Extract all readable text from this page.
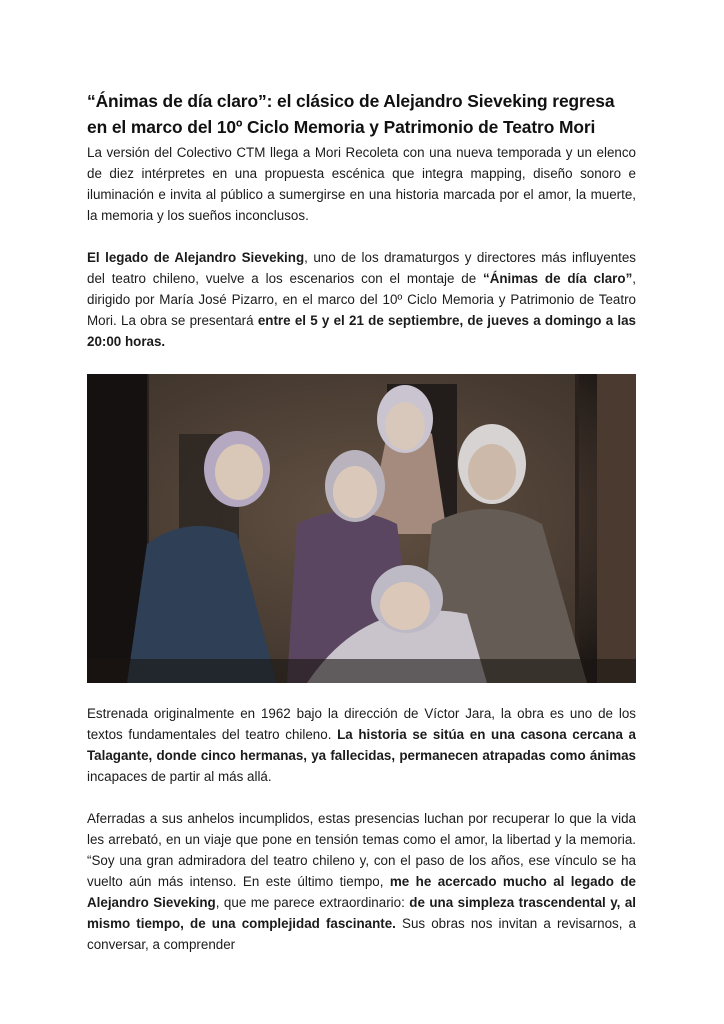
“Ánimas de día claro”: el clásico de Alejandro Sieveking regresa en el marco del 10º Ciclo Memoria y Patrimonio de Teatro Mori

La versión del Colectivo CTM llega a Mori Recoleta con una nueva temporada y un elenco de diez intérpretes en una propuesta escénica que integra mapping, diseño sonoro e iluminación e invita al público a sumergirse en una historia marcada por el amor, la muerte, la memoria y los sueños inconclusos.

El legado de Alejandro Sieveking, uno de los dramaturgos y directores más influyentes del teatro chileno, vuelve a los escenarios con el montaje de “Ánimas de día claro”, dirigido por María José Pizarro, en el marco del 10º Ciclo Memoria y Patrimonio de Teatro Mori. La obra se presentará entre el 5 y el 21 de septiembre, de jueves a domingo a las 20:00 horas.

Estrenada originalmente en 1962 bajo la dirección de Víctor Jara, la obra es uno de los textos fundamentales del teatro chileno. La historia se sitúa en una casona cercana a Talagante, donde cinco hermanas, ya fallecidas, permanecen atrapadas como ánimas incapaces de partir al más allá.

Aferradas a sus anhelos incumplidos, estas presencias luchan por recuperar lo que la vida les arrebató, en un viaje que pone en tensión temas como el amor, la libertad y la memoria. “Soy una gran admiradora del teatro chileno y, con el paso de los años, ese vínculo se ha vuelto aún más intenso. En este último tiempo, me he acercado mucho al legado de Alejandro Sieveking, que me parece extraordinario: de una simpleza trascendental y, al mismo tiempo, de una complejidad fascinante. Sus obras nos invitan a revisarnos, a conversar, a comprender
